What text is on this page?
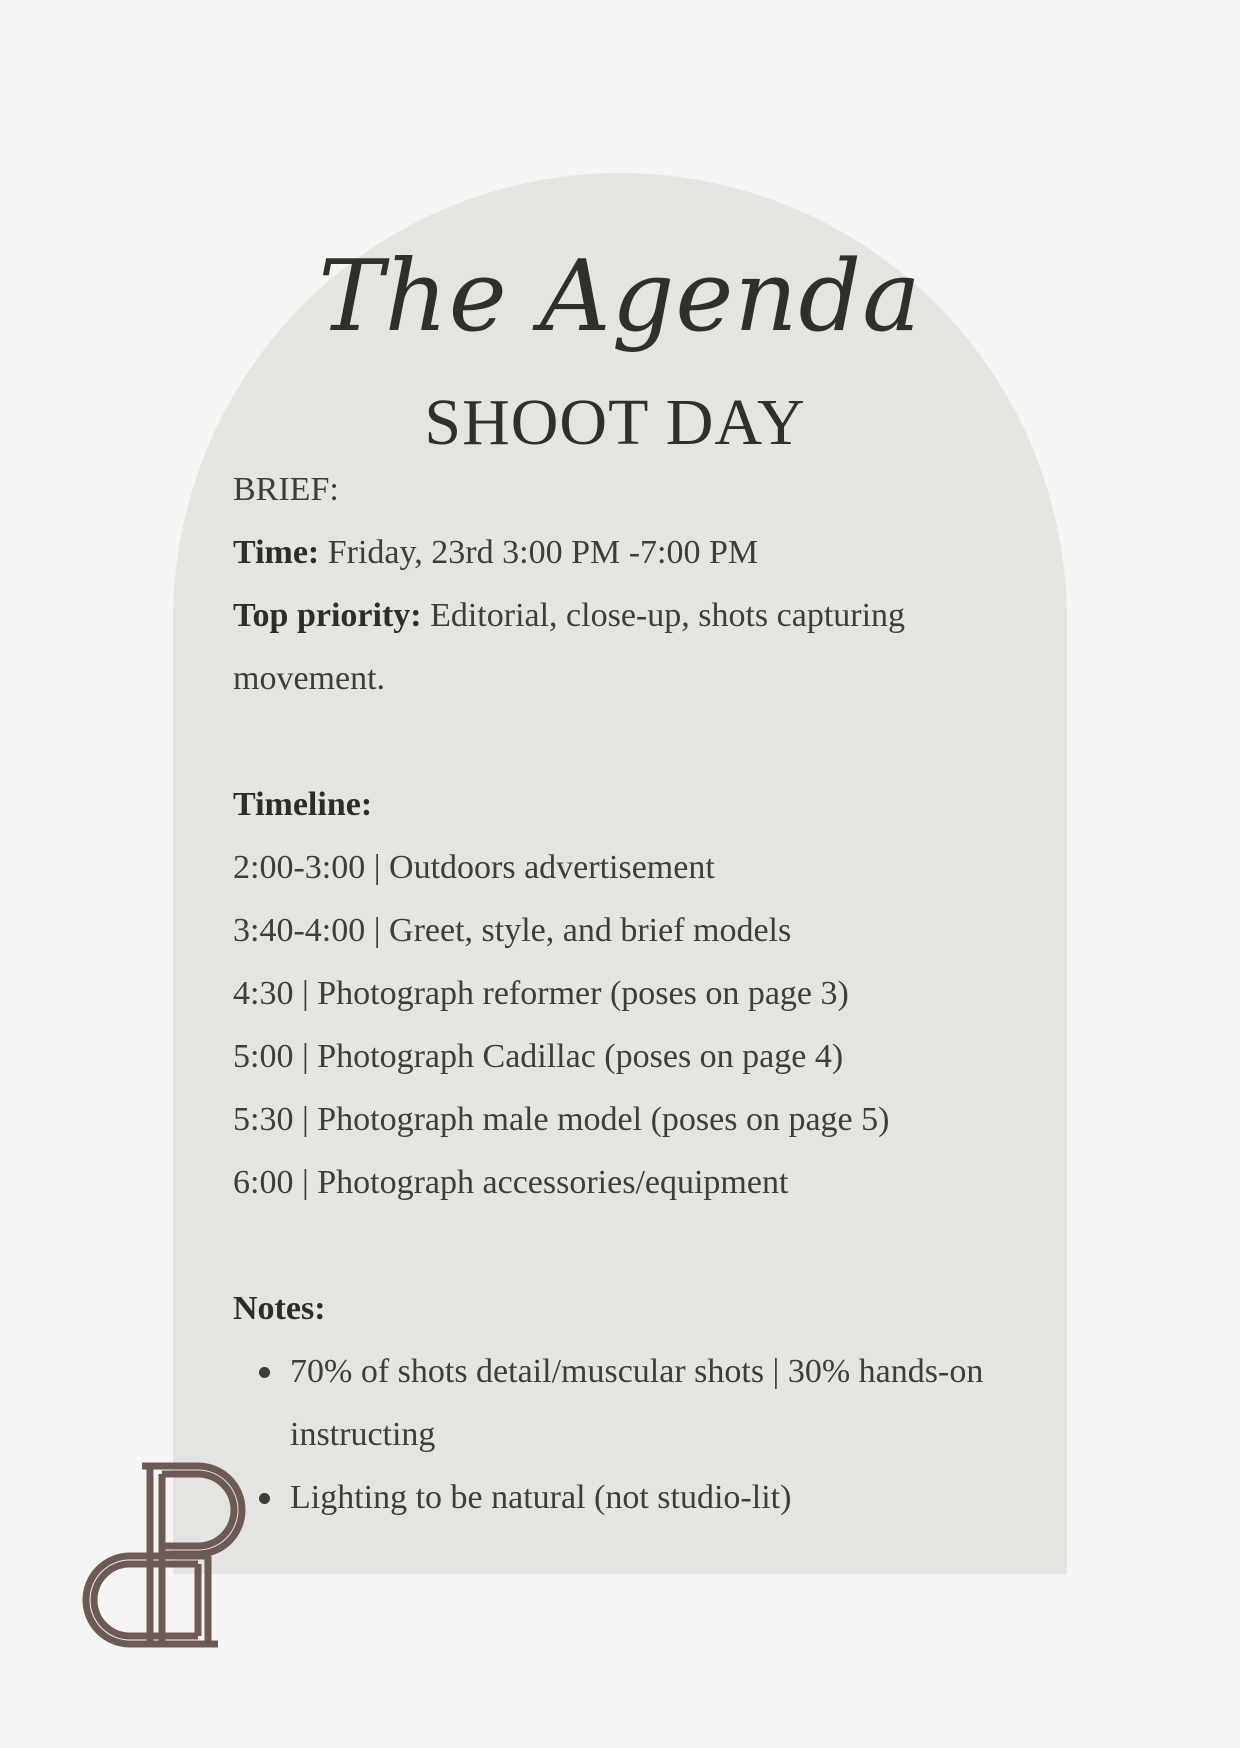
The Agenda
SHOOT DAY

BRIEF:

Time: Friday, 23rd 3:00 PM -7:00 PM

Top priority: Editorial, close-up, shots capturing movement.

Timeline:

2:00-3:00 | Outdoors advertisement

3:40-4:00 | Greet, style, and brief models

4:30 | Photograph reformer (poses on page 3)

5:00 | Photograph Cadillac (poses on page 4)

5:30 | Photograph male model (poses on page 5)

6:00 | Photograph accessories/equipment

Notes:

70% of shots detail/muscular shots | 30% hands-on instructing
Lighting to be natural (not studio-lit)
